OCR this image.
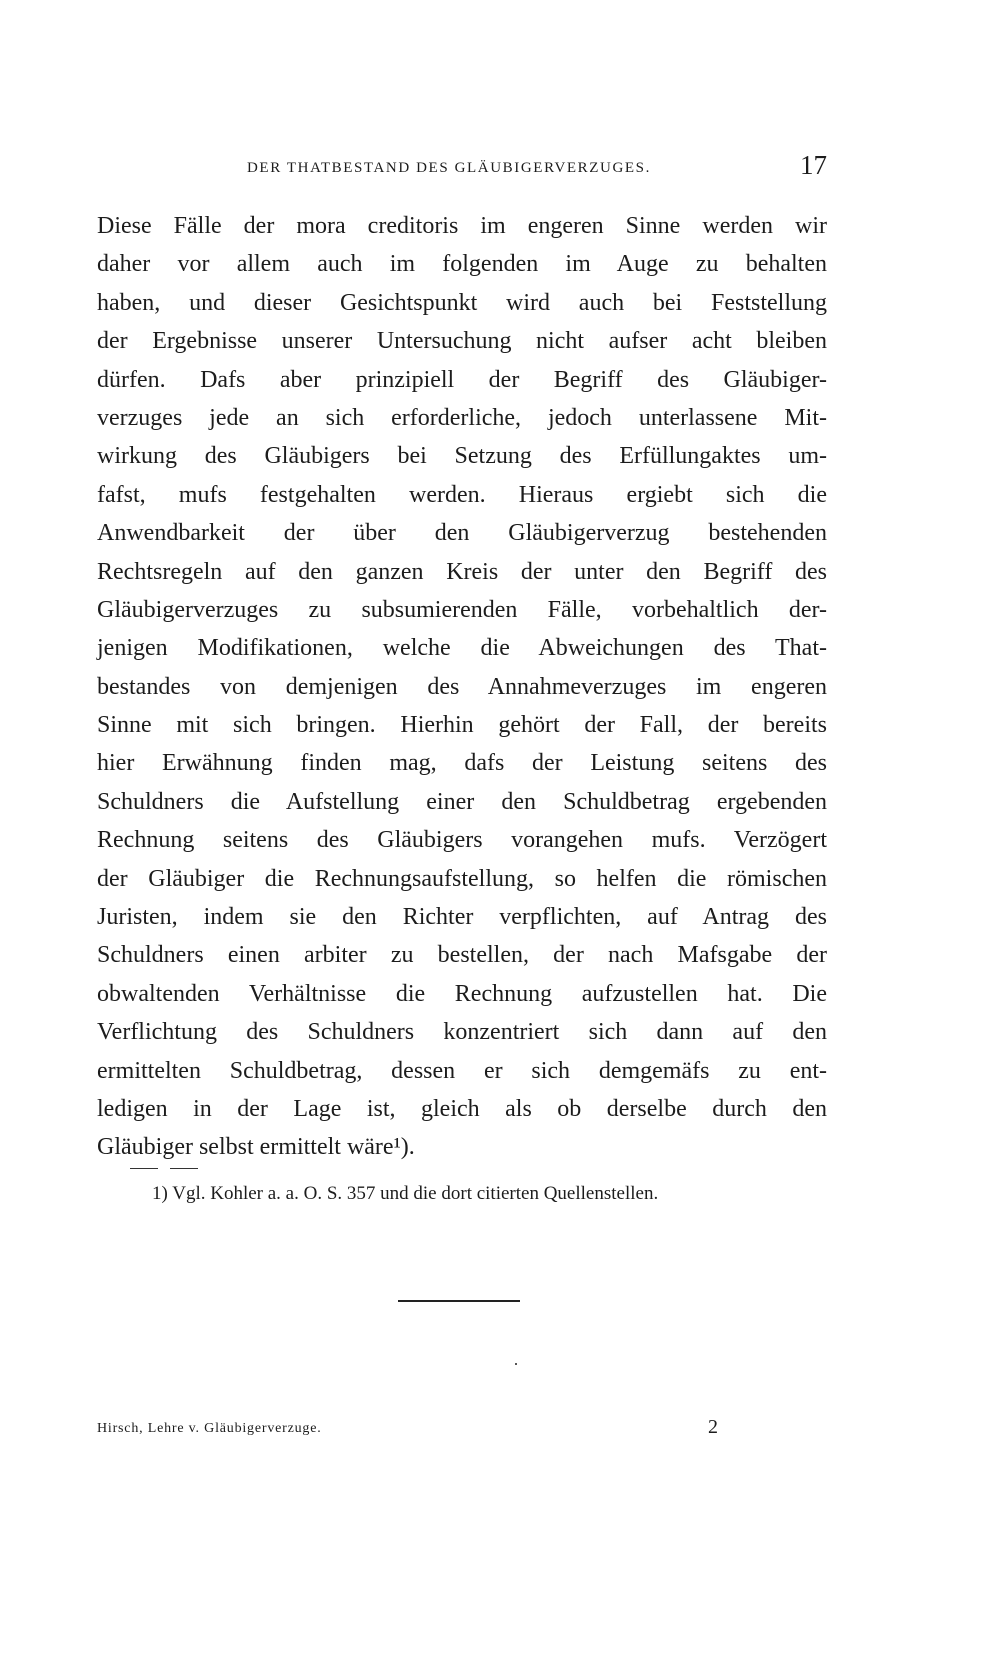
DER THATBESTAND DES GLÄUBIGERVERZUGES.	17
Diese Fälle der mora creditoris im engeren Sinne werden wir
daher vor allem auch im folgenden im Auge zu behalten
haben, und dieser Gesichtspunkt wird auch bei Feststellung
der Ergebnisse unserer Untersuchung nicht aufser acht bleiben
dürfen. Dafs aber prinzipiell der Begriff des Gläubiger-
verzuges jede an sich erforderliche, jedoch unterlassene Mit-
wirkung des Gläubigers bei Setzung des Erfüllungaktes um-
fafst, mufs festgehalten werden. Hieraus ergiebt sich die
Anwendbarkeit der über den Gläubigerverzug bestehenden
Rechtsregeln auf den ganzen Kreis der unter den Begriff des
Gläubigerverzuges zu subsumierenden Fälle, vorbehaltlich der-
jenigen Modifikationen, welche die Abweichungen des That-
bestandes von demjenigen des Annahmeverzuges im engeren
Sinne mit sich bringen. Hierhin gehört der Fall, der bereits
hier Erwähnung finden mag, dafs der Leistung seitens des
Schuldners die Aufstellung einer den Schuldbetrag ergebenden
Rechnung seitens des Gläubigers vorangehen mufs. Verzögert
der Gläubiger die Rechnungsaufstellung, so helfen die römischen
Juristen, indem sie den Richter verpflichten, auf Antrag des
Schuldners einen arbiter zu bestellen, der nach Mafsgabe der
obwaltenden Verhältnisse die Rechnung aufzustellen hat. Die
Verflichtung des Schuldners konzentriert sich dann auf den
ermittelten Schuldbetrag, dessen er sich demgemäfs zu ent-
ledigen in der Lage ist, gleich als ob derselbe durch den
Gläubiger selbst ermittelt wäre¹).
1) Vgl. Kohler a. a. O. S. 357 und die dort citierten Quellenstellen.
Hirsch, Lehre v. Gläubigerverzuge.	2
